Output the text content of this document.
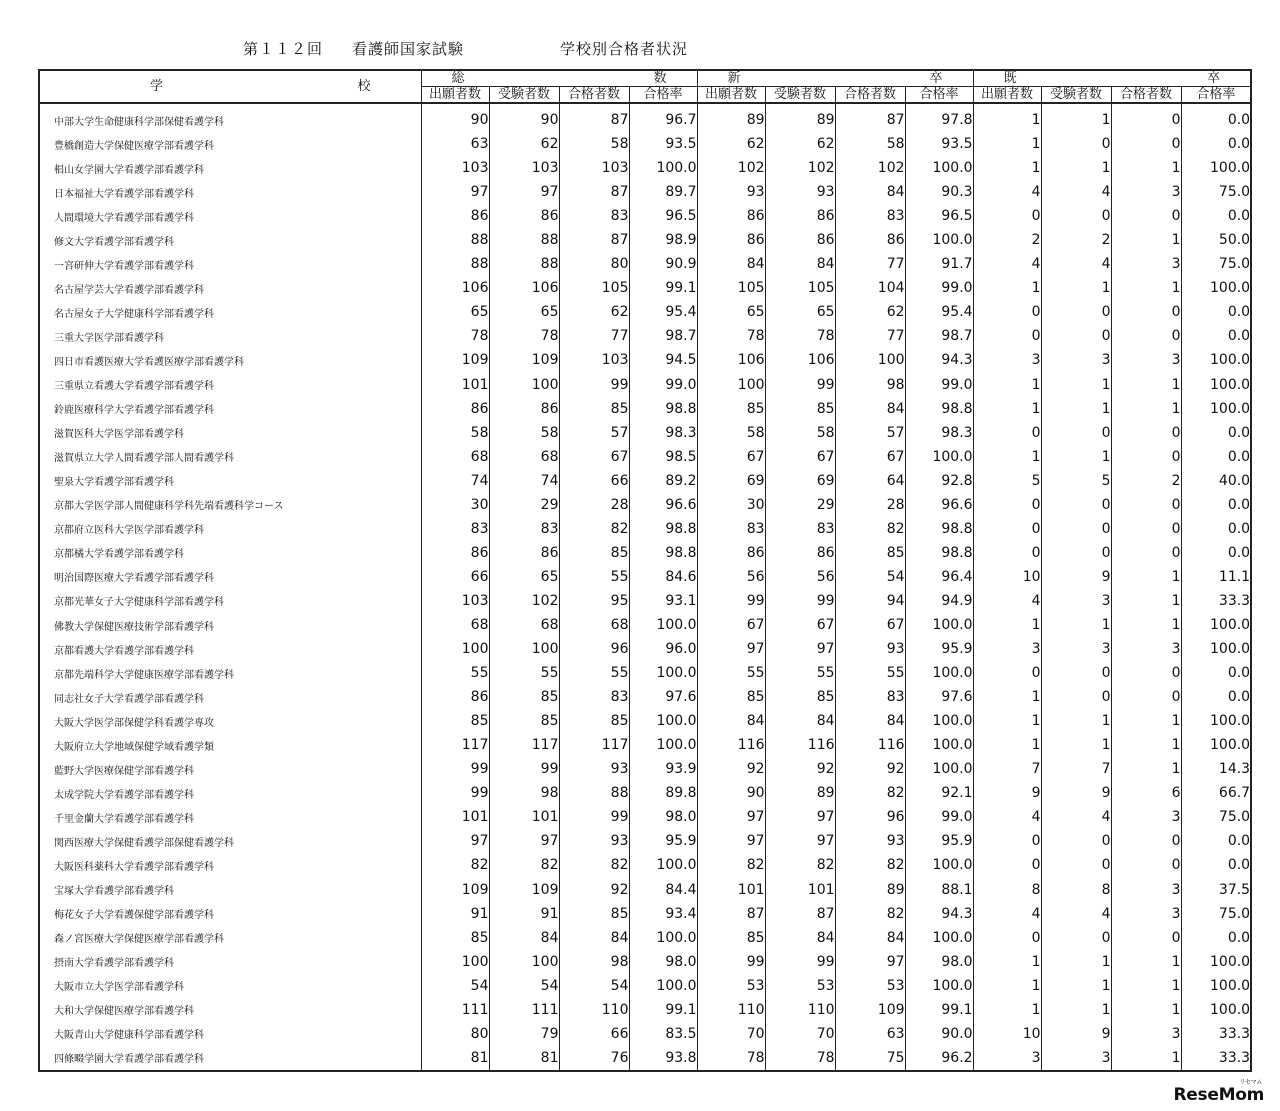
第１１２回 看護師国家試験	学校別合格者状況
学 校	総 数				新 卒				既 卒			

	出願者数	受験者数	合格者数	合格率	出願者数	受験者数	合格者数	合格率	出願者数	受験者数	合格者数	合格率
中部大学生命健康科学部保健看護学科	90	90	87	96.7	89	89	87	97.8	1	1	0	0.0
豊橋創造大学保健医療学部看護学科	63	62	58	93.5	62	62	58	93.5	1	0	0	0.0
椙山女学園大学看護学部看護学科	103	103	103	100.0	102	102	102	100.0	1	1	1	100.0
日本福祉大学看護学部看護学科	97	97	87	89.7	93	93	84	90.3	4	4	3	75.0
人間環境大学看護学部看護学科	86	86	83	96.5	86	86	83	96.5	0	0	0	0.0
修文大学看護学部看護学科	88	88	87	98.9	86	86	86	100.0	2	2	1	50.0
一宮研伸大学看護学部看護学科	88	88	80	90.9	84	84	77	91.7	4	4	3	75.0
名古屋学芸大学看護学部看護学科	106	106	105	99.1	105	105	104	99.0	1	1	1	100.0
名古屋女子大学健康科学部看護学科	65	65	62	95.4	65	65	62	95.4	0	0	0	0.0
三重大学医学部看護学科	78	78	77	98.7	78	78	77	98.7	0	0	0	0.0
四日市看護医療大学看護医療学部看護学科	109	109	103	94.5	106	106	100	94.3	3	3	3	100.0
三重県立看護大学看護学部看護学科	101	100	99	99.0	100	99	98	99.0	1	1	1	100.0
鈴鹿医療科学大学看護学部看護学科	86	86	85	98.8	85	85	84	98.8	1	1	1	100.0
滋賀医科大学医学部看護学科	58	58	57	98.3	58	58	57	98.3	0	0	0	0.0
滋賀県立大学人間看護学部人間看護学科	68	68	67	98.5	67	67	67	100.0	1	1	0	0.0
聖泉大学看護学部看護学科	74	74	66	89.2	69	69	64	92.8	5	5	2	40.0
京都大学医学部人間健康科学科先端看護科学コース	30	29	28	96.6	30	29	28	96.6	0	0	0	0.0
京都府立医科大学医学部看護学科	83	83	82	98.8	83	83	82	98.8	0	0	0	0.0
京都橘大学看護学部看護学科	86	86	85	98.8	86	86	85	98.8	0	0	0	0.0
明治国際医療大学看護学部看護学科	66	65	55	84.6	56	56	54	96.4	10	9	1	11.1
京都光華女子大学健康科学部看護学科	103	102	95	93.1	99	99	94	94.9	4	3	1	33.3
佛教大学保健医療技術学部看護学科	68	68	68	100.0	67	67	67	100.0	1	1	1	100.0
京都看護大学看護学部看護学科	100	100	96	96.0	97	97	93	95.9	3	3	3	100.0
京都先端科学大学健康医療学部看護学科	55	55	55	100.0	55	55	55	100.0	0	0	0	0.0
同志社女子大学看護学部看護学科	86	85	83	97.6	85	85	83	97.6	1	0	0	0.0
大阪大学医学部保健学科看護学専攻	85	85	85	100.0	84	84	84	100.0	1	1	1	100.0
大阪府立大学地域保健学域看護学類	117	117	117	100.0	116	116	116	100.0	1	1	1	100.0
藍野大学医療保健学部看護学科	99	99	93	93.9	92	92	92	100.0	7	7	1	14.3
太成学院大学看護学部看護学科	99	98	88	89.8	90	89	82	92.1	9	9	6	66.7
千里金蘭大学看護学部看護学科	101	101	99	98.0	97	97	96	99.0	4	4	3	75.0
関西医療大学保健看護学部保健看護学科	97	97	93	95.9	97	97	93	95.9	0	0	0	0.0
大阪医科薬科大学看護学部看護学科	82	82	82	100.0	82	82	82	100.0	0	0	0	0.0
宝塚大学看護学部看護学科	109	109	92	84.4	101	101	89	88.1	8	8	3	37.5
梅花女子大学看護保健学部看護学科	91	91	85	93.4	87	87	82	94.3	4	4	3	75.0
森ノ宮医療大学保健医療学部看護学科	85	84	84	100.0	85	84	84	100.0	0	0	0	0.0
摂南大学看護学部看護学科	100	100	98	98.0	99	99	97	98.0	1	1	1	100.0
大阪市立大学医学部看護学科	54	54	54	100.0	53	53	53	100.0	1	1	1	100.0
大和大学保健医療学部看護学科	111	111	110	99.1	110	110	109	99.1	1	1	1	100.0
大阪青山大学健康科学部看護学科	80	79	66	83.5	70	70	63	90.0	10	9	3	33.3
四條畷学園大学看護学部看護学科	81	81	76	93.8	78	78	75	96.2	3	3	1	33.3
ReseMom
リセマム
